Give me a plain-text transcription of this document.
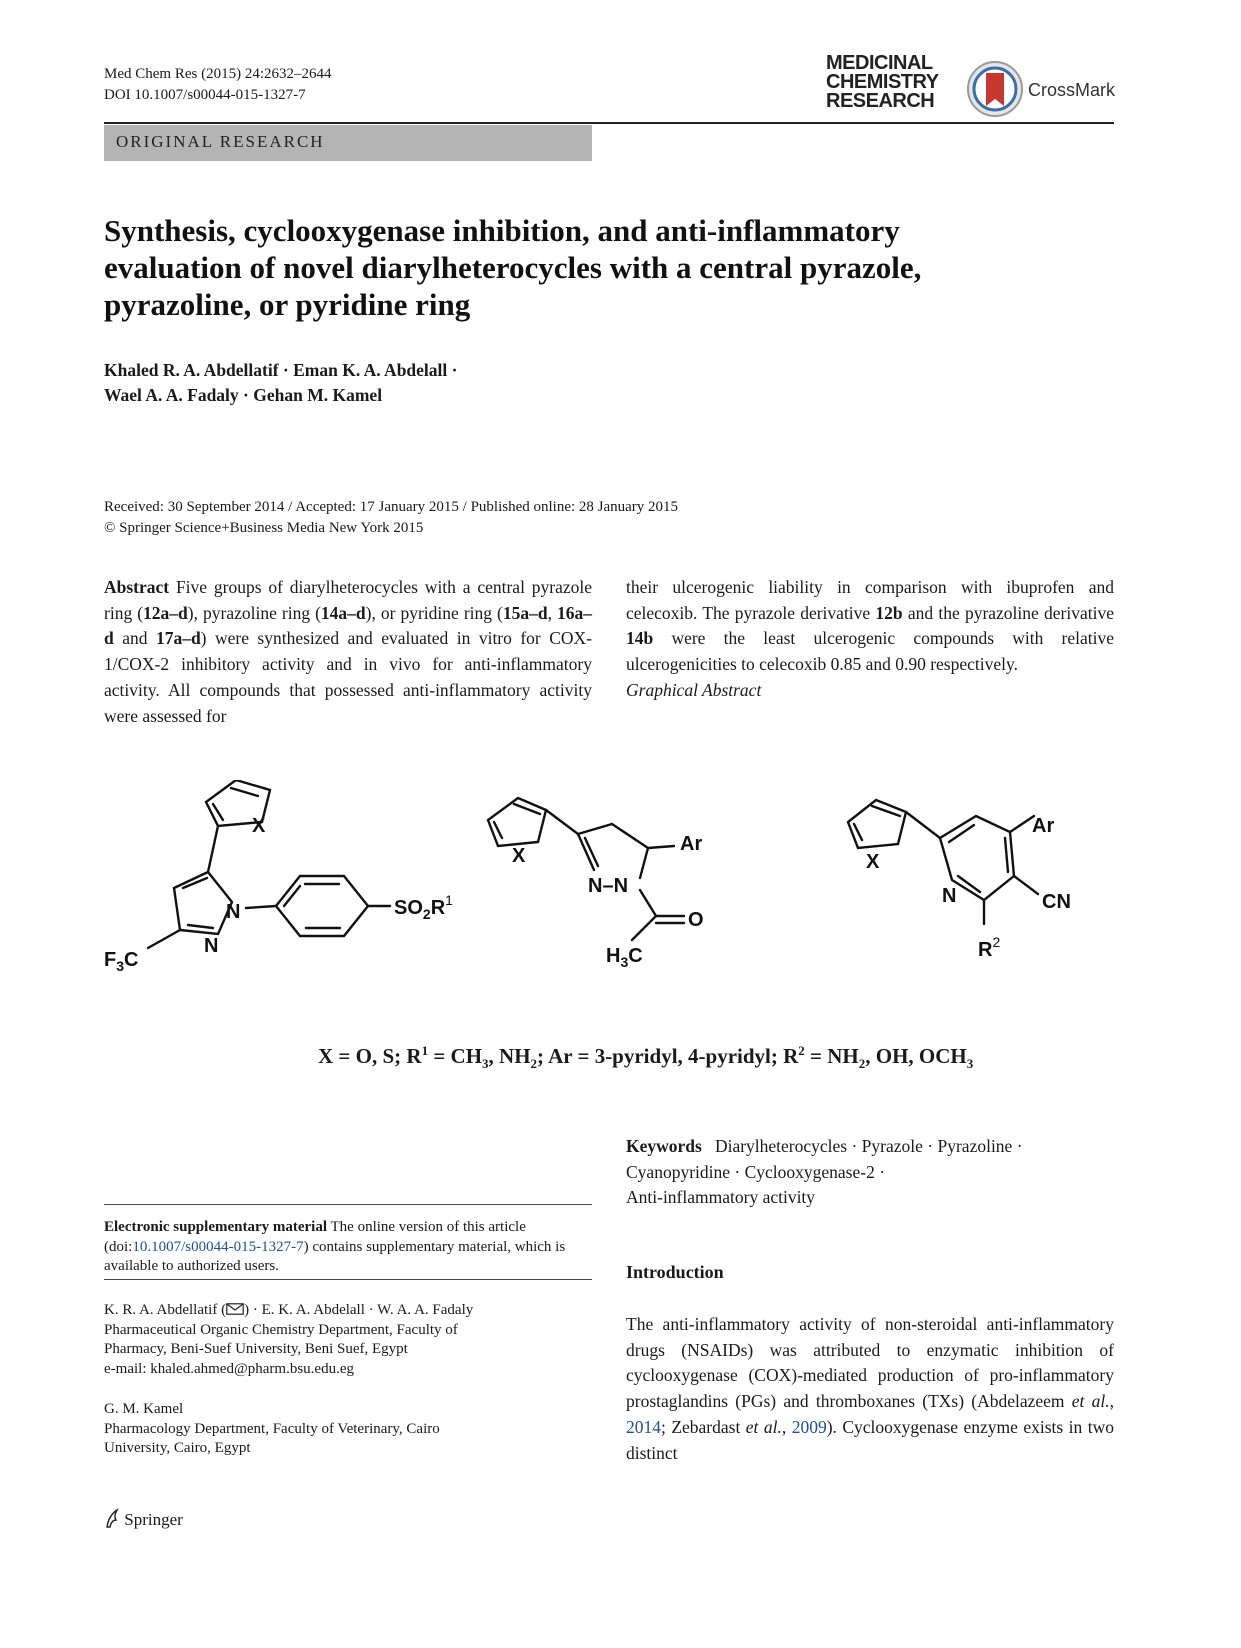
Med Chem Res (2015) 24:2632–2644
DOI 10.1007/s00044-015-1327-7
MEDICINAL
CHEMISTRY
RESEARCH	CrossMark
ORIGINAL RESEARCH
Synthesis, cyclooxygenase inhibition, and anti-inflammatory
evaluation of novel diarylheterocycles with a central pyrazole,
pyrazoline, or pyridine ring
Khaled R. A. Abdellatif · Eman K. A. Abdelall ·
Wael A. A. Fadaly · Gehan M. Kamel
Received: 30 September 2014 / Accepted: 17 January 2015 / Published online: 28 January 2015
© Springer Science+Business Media New York 2015
Abstract Five groups of diarylheterocycles with a central pyrazole ring (12a–d), pyrazoline ring (14a–d), or pyridine ring (15a–d, 16a–d and 17a–d) were synthesized and evaluated in vitro for COX-1/COX-2 inhibitory activity and in vivo for anti-inflammatory activity. All compounds that possessed anti-inflammatory activity were assessed for
their ulcerogenic liability in comparison with ibuprofen and celecoxib. The pyrazole derivative 12b and the pyrazoline derivative 14b were the least ulcerogenic compounds with relative ulcerogenicities to celecoxib 0.85 and 0.90 respectively.
Graphical Abstract
X
N
N
$F_3C$
$SO_2R^1$
X
Ar
N–N
O
$H_3C$
X
Ar
N	CN
$R^2$
X = O, S; $R^1 = CH_3$, $NH_2$; Ar = 3-pyridyl, 4-pyridyl; $R^2 = NH_2$, OH, $OCH_3$
Keywords Diarylheterocycles · Pyrazole · Pyrazoline ·
Cyanopyridine · Cyclooxygenase-2 ·
Anti-inflammatory activity
Electronic supplementary material The online version of this article (doi:10.1007/s00044-015-1327-7) contains supplementary material, which is available to authorized users.
K. R. A. Abdellatif ( ) · E. K. A. Abdelall · W. A. A. Fadaly
Pharmaceutical Organic Chemistry Department, Faculty of
Pharmacy, Beni-Suef University, Beni Suef, Egypt
e-mail: khaled.ahmed@pharm.bsu.edu.eg
G. M. Kamel
Pharmacology Department, Faculty of Veterinary, Cairo
University, Cairo, Egypt
Introduction
The anti-inflammatory activity of non-steroidal anti-inflammatory drugs (NSAIDs) was attributed to enzymatic inhibition of cyclooxygenase (COX)-mediated production of pro-inflammatory prostaglandins (PGs) and thromboxanes (TXs) (Abdelazeem et al., 2014; Zebardast et al., 2009). Cyclooxygenase enzyme exists in two distinct
Springer
